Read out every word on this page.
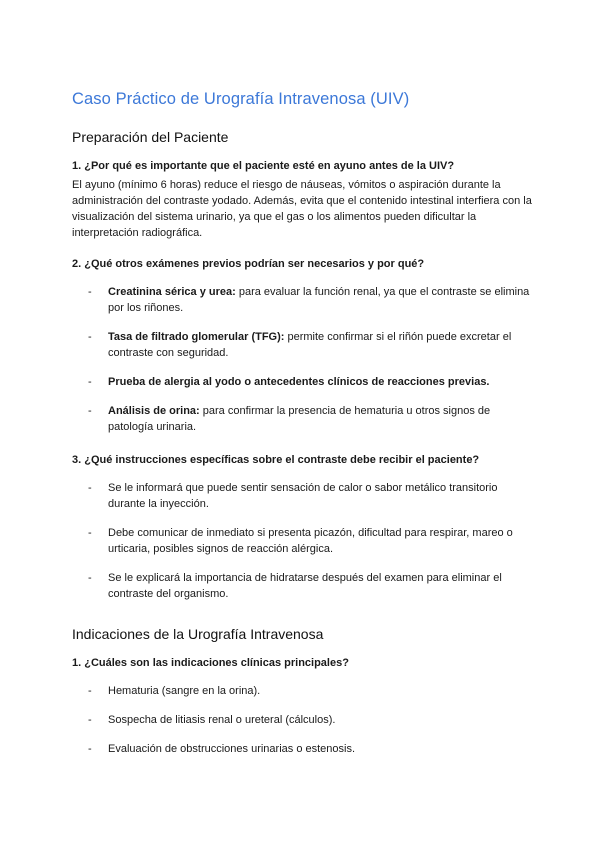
Caso Práctico de Urografía Intravenosa (UIV)
Preparación del Paciente

1. ¿Por qué es importante que el paciente esté en ayuno antes de la UIV?

El ayuno (mínimo 6 horas) reduce el riesgo de náuseas, vómitos o aspiración durante la administración del contraste yodado. Además, evita que el contenido intestinal interfiera con la visualización del sistema urinario, ya que el gas o los alimentos pueden dificultar la interpretación radiográfica.

2. ¿Qué otros exámenes previos podrían ser necesarios y por qué?

- Creatinina sérica y urea: para evaluar la función renal, ya que el contraste se elimina por los riñones.
- Tasa de filtrado glomerular (TFG): permite confirmar si el riñón puede excretar el contraste con seguridad.
- Prueba de alergia al yodo o antecedentes clínicos de reacciones previas.
- Análisis de orina: para confirmar la presencia de hematuria u otros signos de patología urinaria.

3. ¿Qué instrucciones específicas sobre el contraste debe recibir el paciente?

- Se le informará que puede sentir sensación de calor o sabor metálico transitorio durante la inyección.
- Debe comunicar de inmediato si presenta picazón, dificultad para respirar, mareo o urticaria, posibles signos de reacción alérgica.
- Se le explicará la importancia de hidratarse después del examen para eliminar el contraste del organismo.
Indicaciones de la Urografía Intravenosa

1. ¿Cuáles son las indicaciones clínicas principales?

- Hematuria (sangre en la orina).
- Sospecha de litiasis renal o ureteral (cálculos).
- Evaluación de obstrucciones urinarias o estenosis.
